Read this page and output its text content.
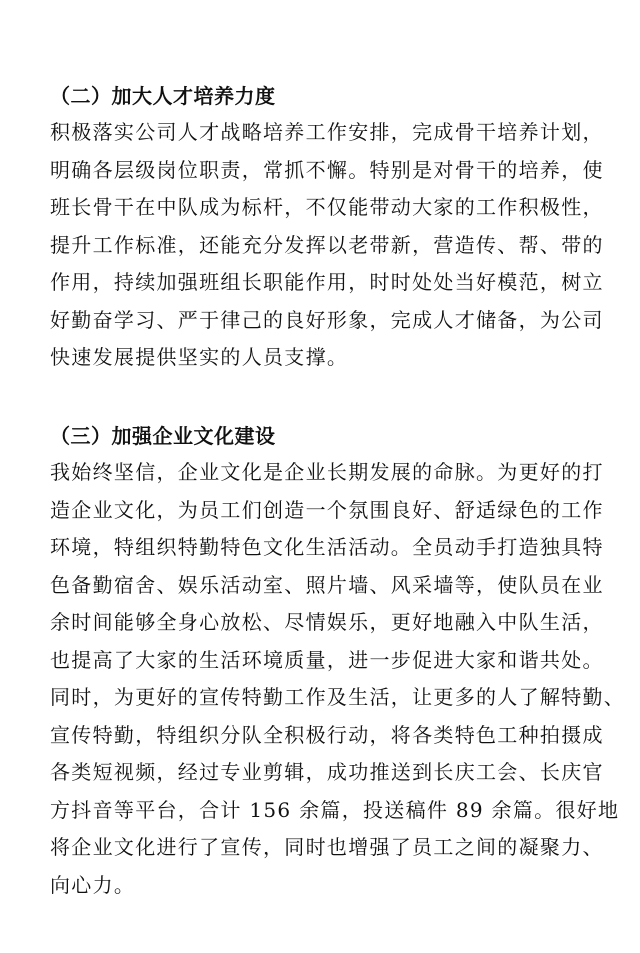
（二）加大人才培养力度

积极落实公司人才战略培养工作安排，完成骨干培养计划，

明确各层级岗位职责，常抓不懈。特别是对骨干的培养，使

班长骨干在中队成为标杆，不仅能带动大家的工作积极性，

提升工作标准，还能充分发挥以老带新，营造传、帮、带的

作用，持续加强班组长职能作用，时时处处当好模范，树立

好勤奋学习、严于律己的良好形象，完成人才储备，为公司

快速发展提供坚实的人员支撑。

（三）加强企业文化建设

我始终坚信，企业文化是企业长期发展的命脉。为更好的打

造企业文化，为员工们创造一个氛围良好、舒适绿色的工作

环境，特组织特勤特色文化生活活动。全员动手打造独具特

色备勤宿舍、娱乐活动室、照片墙、风采墙等，使队员在业

余时间能够全身心放松、尽情娱乐，更好地融入中队生活，

也提高了大家的生活环境质量，进一步促进大家和谐共处。

同时，为更好的宣传特勤工作及生活，让更多的人了解特勤、

宣传特勤，特组织分队全积极行动，将各类特色工种拍摄成

各类短视频，经过专业剪辑，成功推送到长庆工会、长庆官

方抖音等平台，合计 156 余篇，投送稿件 89 余篇。很好地

将企业文化进行了宣传，同时也增强了员工之间的凝聚力、

向心力。
